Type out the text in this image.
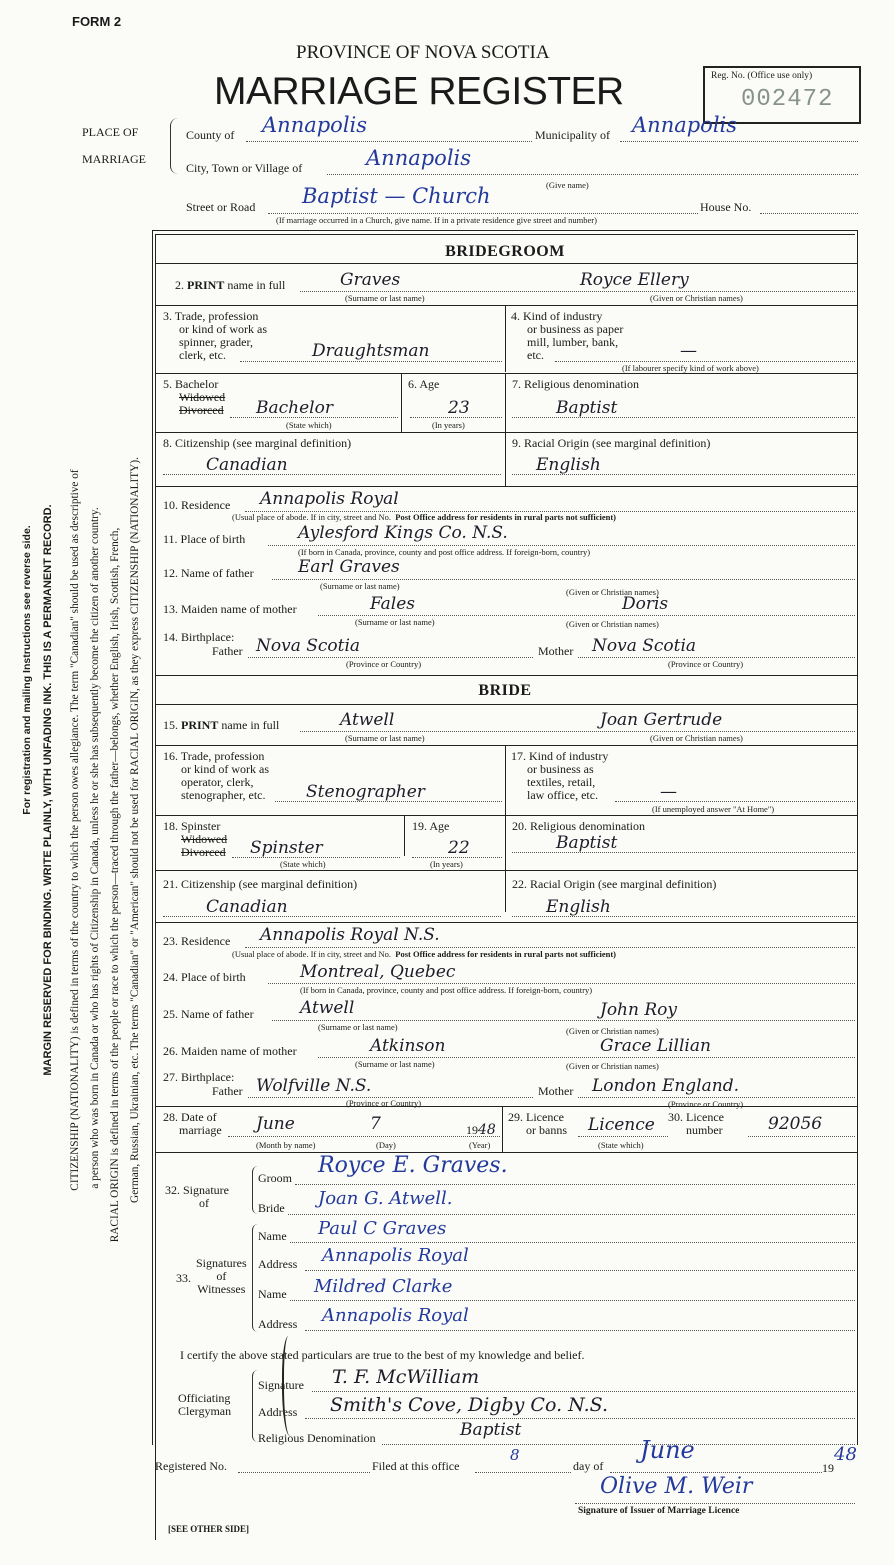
FORM 2
PROVINCE OF NOVA SCOTIA
MARRIAGE REGISTER	Reg. No. (Office use only)
002472
For registration and mailing Instructions see reverse side. MARGIN RESERVED FOR BINDING. WRITE PLAINLY, WITH UNFADING INK. THIS IS A PERMANENT RECORD. CITIZENSHIP (NATIONALITY) is defined in terms of the country to which the person owes allegiance. The term "Canadian" should be used as descriptive of a person who was born in Canada or who has rights of Citizenship in Canada, unless he or she has subsequently become the citizen of another country. RACIAL ORIGIN is defined in terms of the people or race to which the person—traced through the father—belongs, whether English, Irish, Scottish, French, German, Russian, Ukrainian, etc. The terms "Canadian" or "American" should not be used for RACIAL ORIGIN, as they express CITIZENSHIP (NATIONALITY).
PLACE OF
MARRIAGE
County of Annapolis	Municipality of Annapolis
City, Town or Village of	Annapolis
(Give name)
Street or Road Baptist — Church	House No.
(If marriage occurred in a Church, give name. If in a private residence give street and number)
BRIDEGROOM
2. PRINT name in full	Graves	Royce Ellery
(Surname or last name)	(Given or Christian names)
3. Trade, profession
or kind of work as
spinner, grader,
clerk, etc.	Draughtsman
4. Kind of industry
or business as paper
mill, lumber, bank,
etc.	—
(If labourer specify kind of work above)
5. Bachelor
Widowed
Divorced Bachelor
(State which)
6. Age
23
(In years)
7. Religious denomination
Baptist
8. Citizenship (see marginal definition)
Canadian
9. Racial Origin (see marginal definition)
English
10. Residence Annapolis Royal
(Usual place of abode. If in city, street and No. Post Office address for residents in rural parts not sufficient)
11. Place of birth	Aylesford Kings Co. N.S.
(If born in Canada, province, county and post office address. If foreign-born, country)
12. Name of father	Earl Graves
(Surname or last name)
(Given or Christian names)
13. Maiden name of mother	Fales	Doris
(Surname or last name)	(Given or Christian names)
14. Birthplace:
Father Nova Scotia	Mother Nova Scotia
(Province or Country)	(Province or Country)
BRIDE
15. PRINT name in full	Atwell	Joan Gertrude
(Surname or last name)	(Given or Christian names)
16. Trade, profession
or kind of work as
operator, clerk,
stenographer, etc. Stenographer
17. Kind of industry
or business as
textiles, retail,
law office, etc.	—
(If unemployed answer "At Home")
18. Spinster
Widowed
Divorced Spinster
(State which)
19. Age
22
(In years)
20. Religious denomination
Baptist
21. Citizenship (see marginal definition)
Canadian
22. Racial Origin (see marginal definition)
English
23. Residence Annapolis Royal N.S.
(Usual place of abode. If in city, street and No. Post Office address for residents in rural parts not sufficient)
24. Place of birth	Montreal, Quebec
(If born in Canada, province, county and post office address. If foreign-born, country)
25. Name of father	Atwell	John Roy
(Surname or last name)	(Given or Christian names)
26. Maiden name of mother	Atkinson	Grace Lillian
(Surname or last name)	(Given or Christian names)
27. Birthplace:
Father Wolfville N.S.	Mother London England.
(Province or Country)	(Province or Country)
28. Date of
marriage June	7	1948
(Month by name)	(Day)	(Year)
29. Licence
or banns Licence
(State which)
30. Licence
number	92056
32. Signature
of
Groom Royce E. Graves.
Bride Joan G. Atwell.
33.
Signatures
of
Witnesses
Name Paul C Graves
Address Annapolis Royal
Name Mildred Clarke
Address Annapolis Royal
I certify the above stated particulars are true to the best of my knowledge and belief.
Officiating
Clergyman
Signature T. F. McWilliam
Address Smith's Cove, Digby Co. N.S.
Religious Denomination	Baptist
Registered No.	Filed at this office
8
day of
June
1948
Olive M. Weir
Signature of Issuer of Marriage Licence
[SEE OTHER SIDE]
